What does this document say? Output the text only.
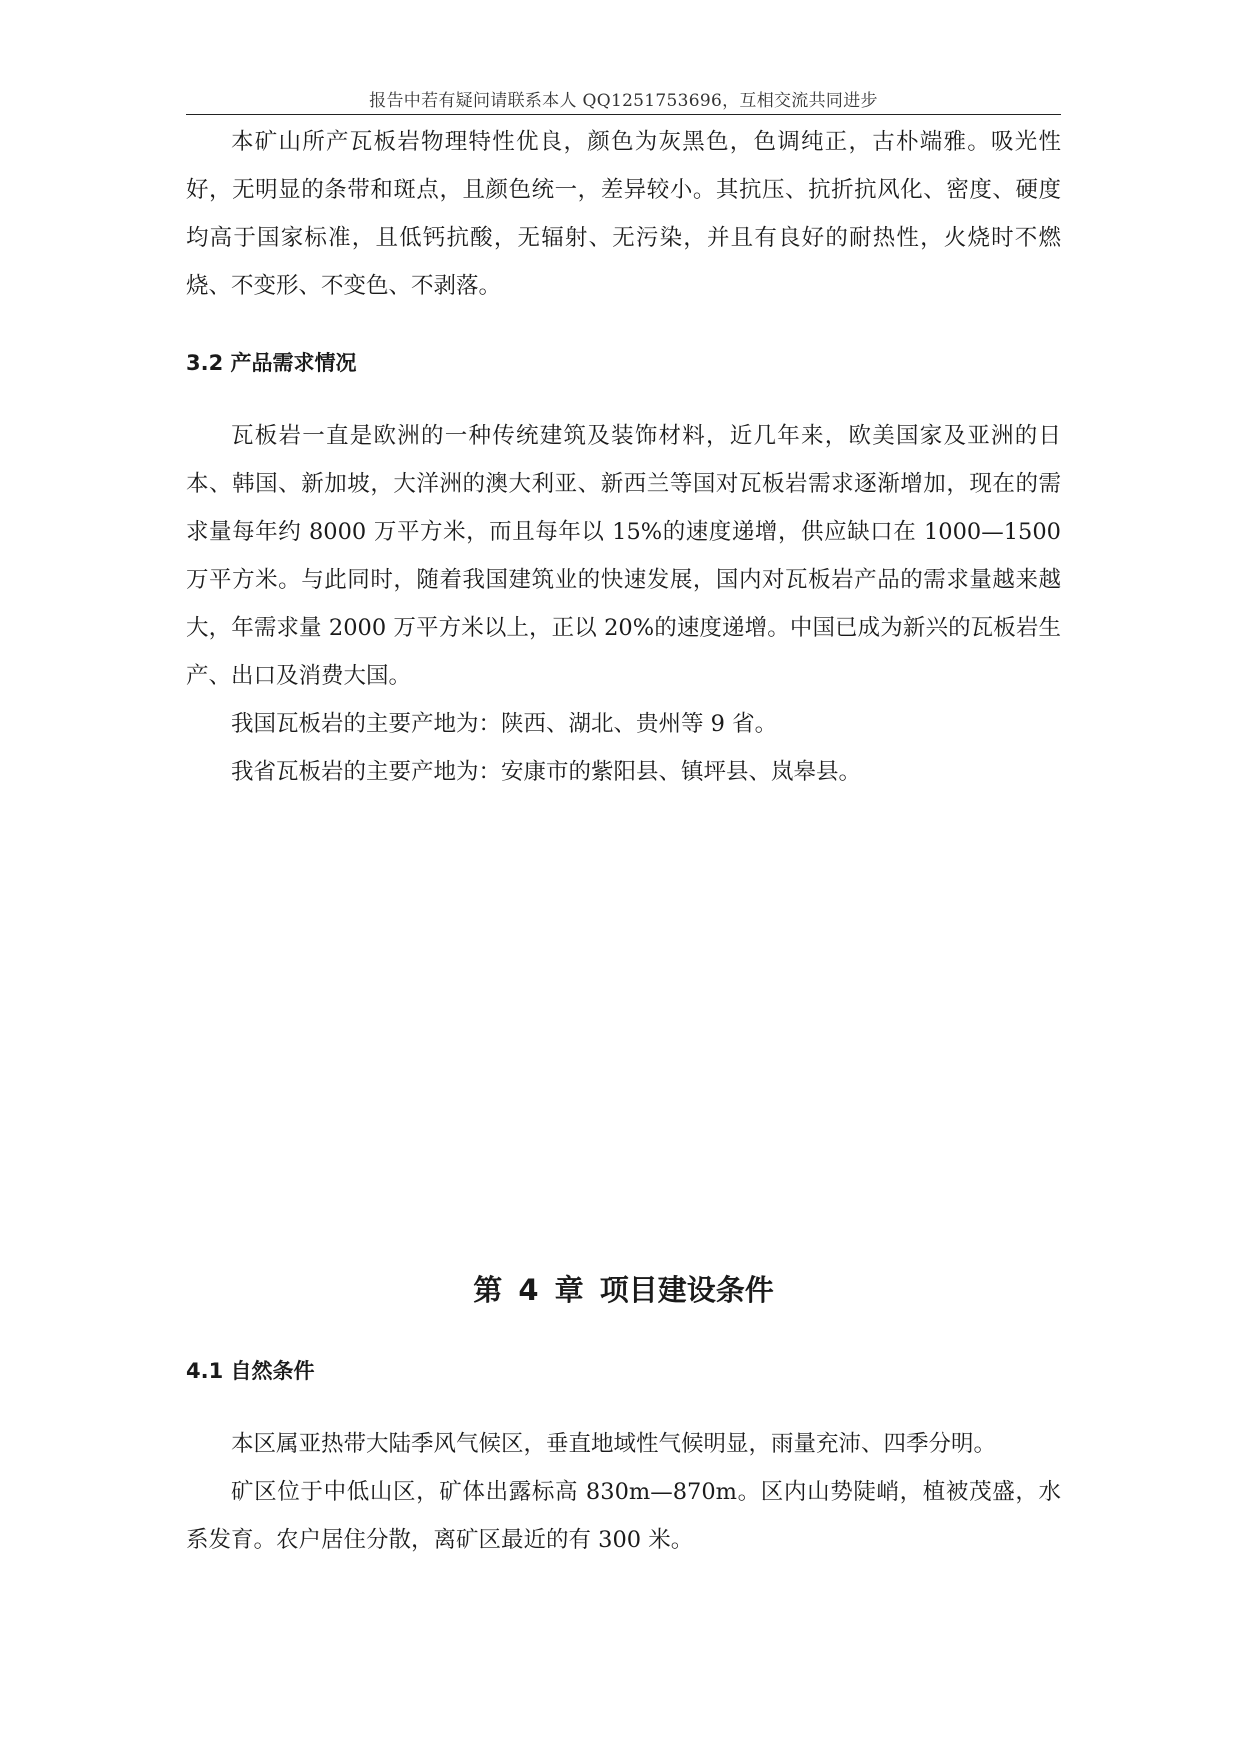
报告中若有疑问请联系本人 QQ1251753696，互相交流共同进步

本矿山所产瓦板岩物理特性优良，颜色为灰黑色，色调纯正，古朴端雅。吸光性好，无明显的条带和斑点，且颜色统一，差异较小。其抗压、抗折抗风化、密度、硬度均高于国家标准，且低钙抗酸，无辐射、无污染，并且有良好的耐热性，火烧时不燃烧、不变形、不变色、不剥落。

3.2 产品需求情况

瓦板岩一直是欧洲的一种传统建筑及装饰材料，近几年来，欧美国家及亚洲的日本、韩国、新加坡，大洋洲的澳大利亚、新西兰等国对瓦板岩需求逐渐增加，现在的需求量每年约 8000 万平方米，而且每年以 15%的速度递增，供应缺口在 1000—1500 万平方米。与此同时，随着我国建筑业的快速发展，国内对瓦板岩产品的需求量越来越大，年需求量 2000 万平方米以上，正以 20%的速度递增。中国已成为新兴的瓦板岩生产、出口及消费大国。

我国瓦板岩的主要产地为：陕西、湖北、贵州等 9 省。

我省瓦板岩的主要产地为：安康市的紫阳县、镇坪县、岚皋县。

第 4 章 项目建设条件
4.1 自然条件

本区属亚热带大陆季风气候区，垂直地域性气候明显，雨量充沛、四季分明。

矿区位于中低山区，矿体出露标高 830m—870m。区内山势陡峭，植被茂盛，水系发育。农户居住分散，离矿区最近的有 300 米。
